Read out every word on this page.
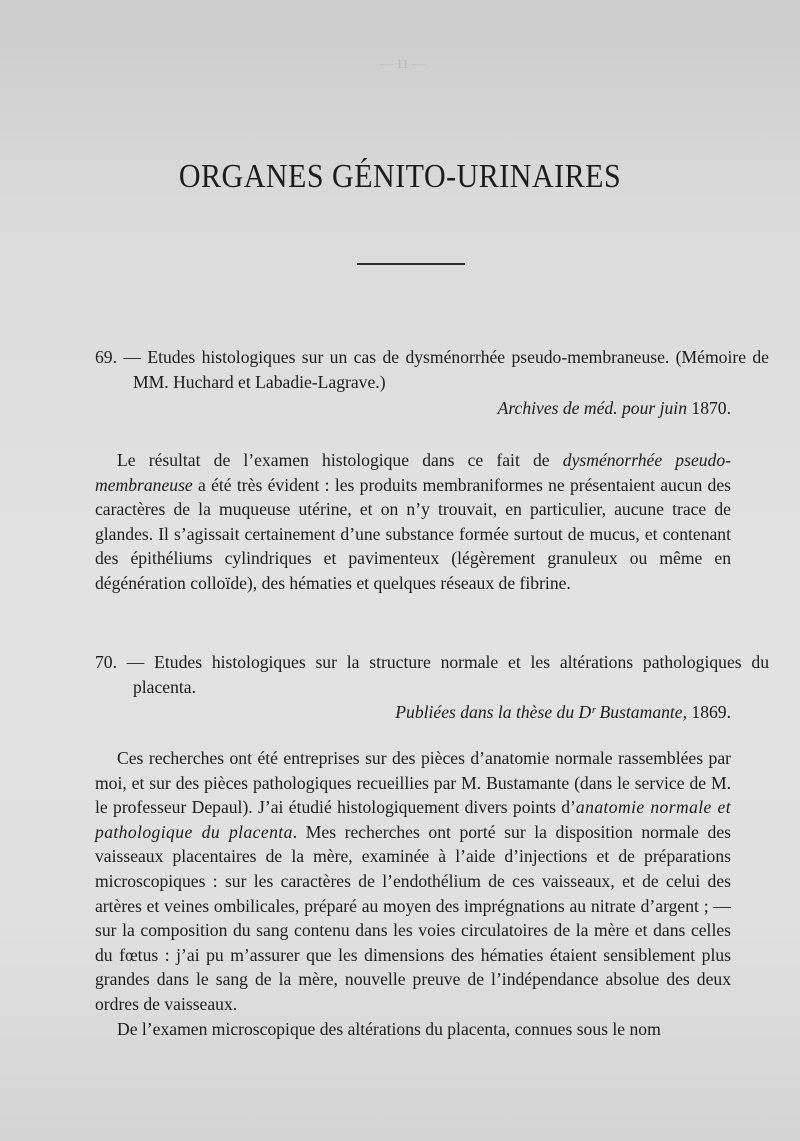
— 11 —
ORGANES GÉNITO-URINAIRES

69. — Etudes histologiques sur un cas de dysménorrhée pseudo-membraneuse. (Mémoire de MM. Huchard et Labadie-Lagrave.)

Archives de méd. pour juin 1870.

Le résultat de l’examen histologique dans ce fait de dysménorrhée pseudo-membraneuse a été très évident : les produits membraniformes ne présentaient aucun des caractères de la muqueuse utérine, et on n’y trouvait, en particulier, aucune trace de glandes. Il s’agissait certainement d’une substance formée surtout de mucus, et contenant des épithéliums cylindriques et pavimenteux (légèrement granuleux ou même en dégénération colloïde), des hématies et quelques réseaux de fibrine.

70. — Etudes histologiques sur la structure normale et les altérations pathologiques du placenta.

Publiées dans la thèse du Dʳ Bustamante, 1869.

Ces recherches ont été entreprises sur des pièces d’anatomie normale rassemblées par moi, et sur des pièces pathologiques recueillies par M. Bustamante (dans le service de M. le professeur Depaul). J’ai étudié histologiquement divers points d’anatomie normale et pathologique du placenta. Mes recherches ont porté sur la disposition normale des vaisseaux placentaires de la mère, examinée à l’aide d’injections et de préparations microscopiques : sur les caractères de l’endothélium de ces vaisseaux, et de celui des artères et veines ombilicales, préparé au moyen des imprégnations au nitrate d’argent ; — sur la composition du sang contenu dans les voies circulatoires de la mère et dans celles du fœtus : j’ai pu m’assurer que les dimensions des hématies étaient sensiblement plus grandes dans le sang de la mère, nouvelle preuve de l’indépendance absolue des deux ordres de vaisseaux.

De l’examen microscopique des altérations du placenta, connues sous le nom
